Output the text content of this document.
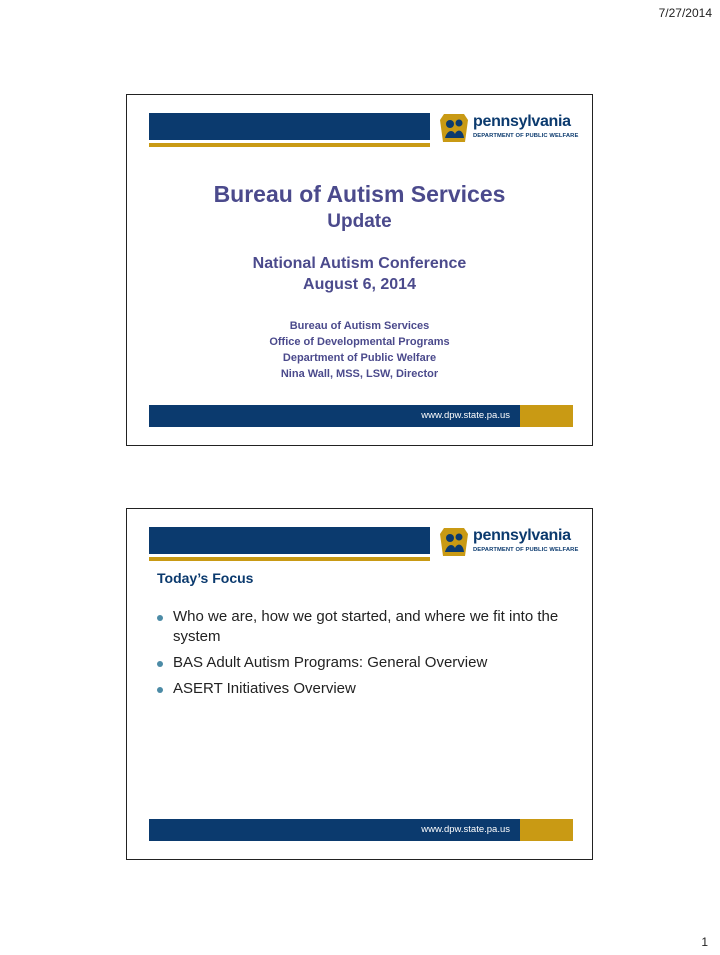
7/27/2014
pennsylvania
DEPARTMENT OF PUBLIC WELFARE
Bureau of Autism Services
Update
National Autism Conference
August 6, 2014
Bureau of Autism Services
Office of Developmental Programs
Department of Public Welfare
Nina Wall, MSS, LSW, Director
www.dpw.state.pa.us
pennsylvania
DEPARTMENT OF PUBLIC WELFARE
Today’s Focus
Who we are, how we got started, and where we fit into the system
BAS Adult Autism Programs: General Overview
ASERT Initiatives Overview
www.dpw.state.pa.us
1
